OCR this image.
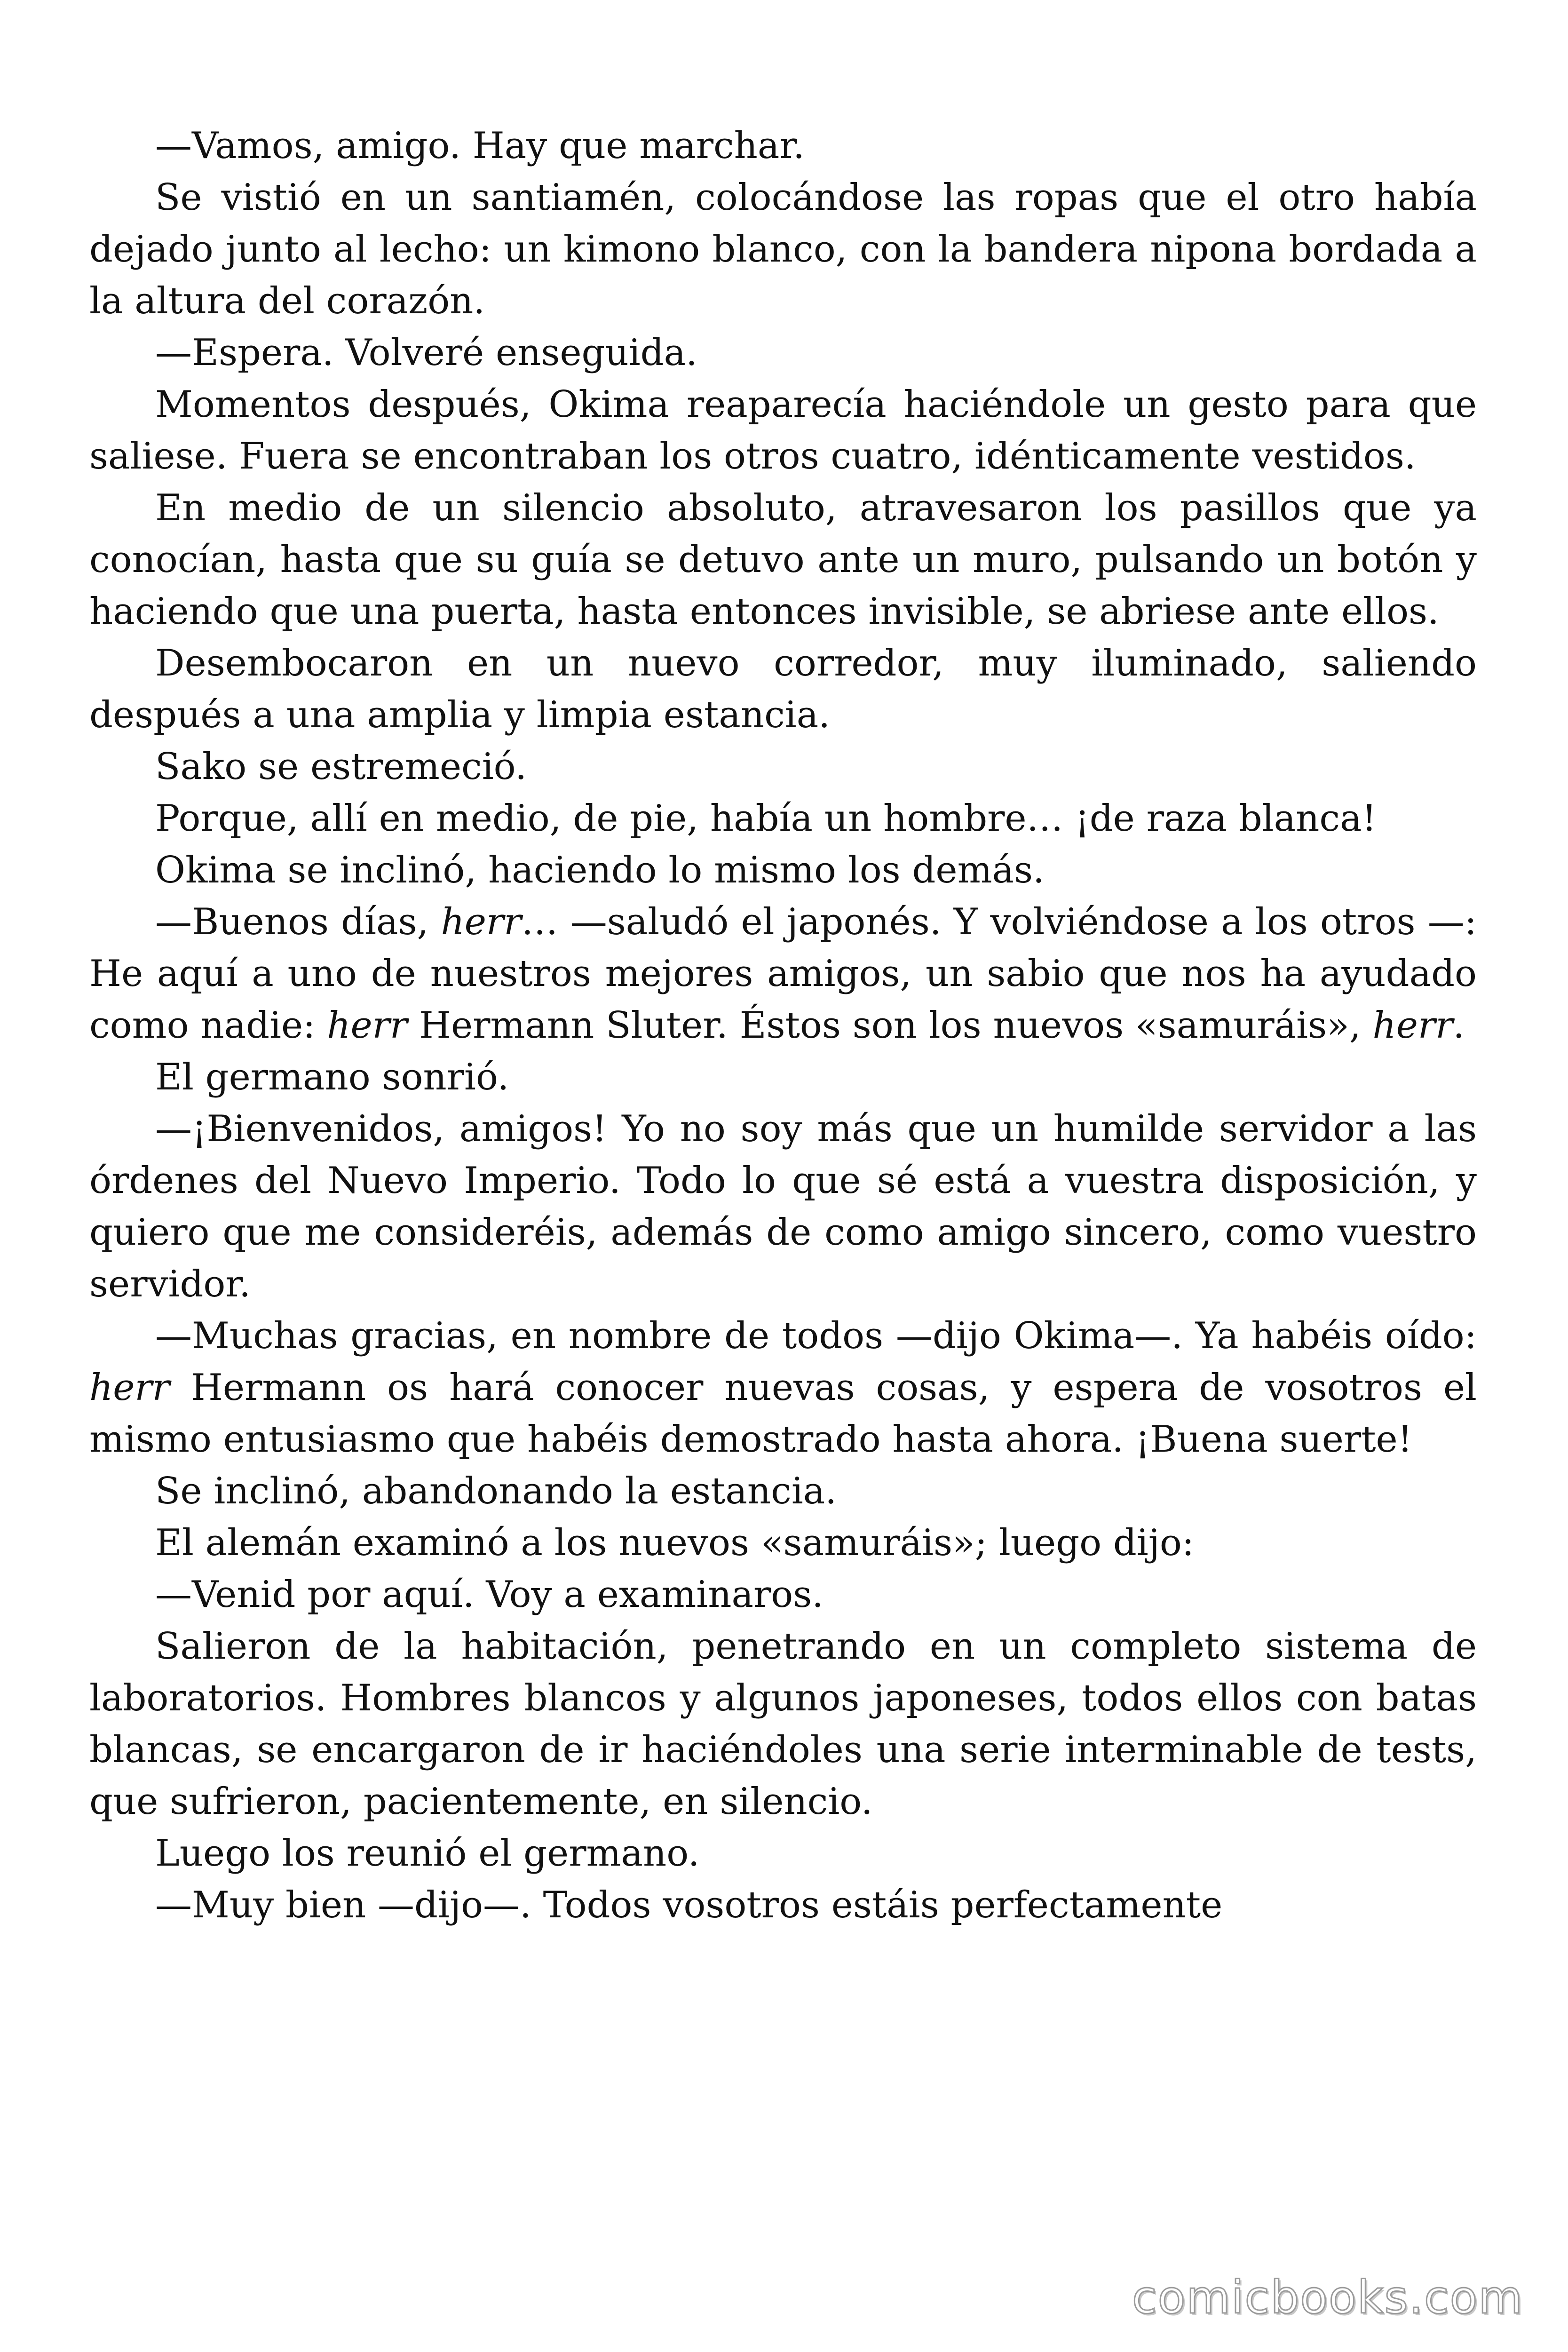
—Vamos, amigo. Hay que marchar.

Se vistió en un santiamén, colocándose las ropas que el otro había dejado junto al lecho: un kimono blanco, con la bandera nipona bordada a la altura del corazón.

—Espera. Volveré enseguida.

Momentos después, Okima reaparecía haciéndole un gesto para que saliese. Fuera se encontraban los otros cuatro, idénticamente vestidos.

En medio de un silencio absoluto, atravesaron los pasillos que ya conocían, hasta que su guía se detuvo ante un muro, pulsando un botón y haciendo que una puerta, hasta entonces invisible, se abriese ante ellos.

Desembocaron en un nuevo corredor, muy iluminado, saliendo después a una amplia y limpia estancia.

Sako se estremeció.

Porque, allí en medio, de pie, había un hombre… ¡de raza blanca!

Okima se inclinó, haciendo lo mismo los demás.

—Buenos días, herr… —saludó el japonés. Y volviéndose a los otros —: He aquí a uno de nuestros mejores amigos, un sabio que nos ha ayudado como nadie: herr Hermann Sluter. Éstos son los nuevos «samuráis», herr.

El germano sonrió.

—¡Bienvenidos, amigos! Yo no soy más que un humilde servidor a las órdenes del Nuevo Imperio. Todo lo que sé está a vuestra disposición, y quiero que me consideréis, además de como amigo sincero, como vuestro servidor.

—Muchas gracias, en nombre de todos —dijo Okima—. Ya habéis oído: herr Hermann os hará conocer nuevas cosas, y espera de vosotros el mismo entusiasmo que habéis demostrado hasta ahora. ¡Buena suerte!

Se inclinó, abandonando la estancia.

El alemán examinó a los nuevos «samuráis»; luego dijo:

—Venid por aquí. Voy a examinaros.

Salieron de la habitación, penetrando en un completo sistema de laboratorios. Hombres blancos y algunos japoneses, todos ellos con batas blancas, se encargaron de ir haciéndoles una serie interminable de tests, que sufrieron, pacientemente, en silencio.

Luego los reunió el germano.

—Muy bien —dijo—. Todos vosotros estáis perfectamente

comicbooks.com
